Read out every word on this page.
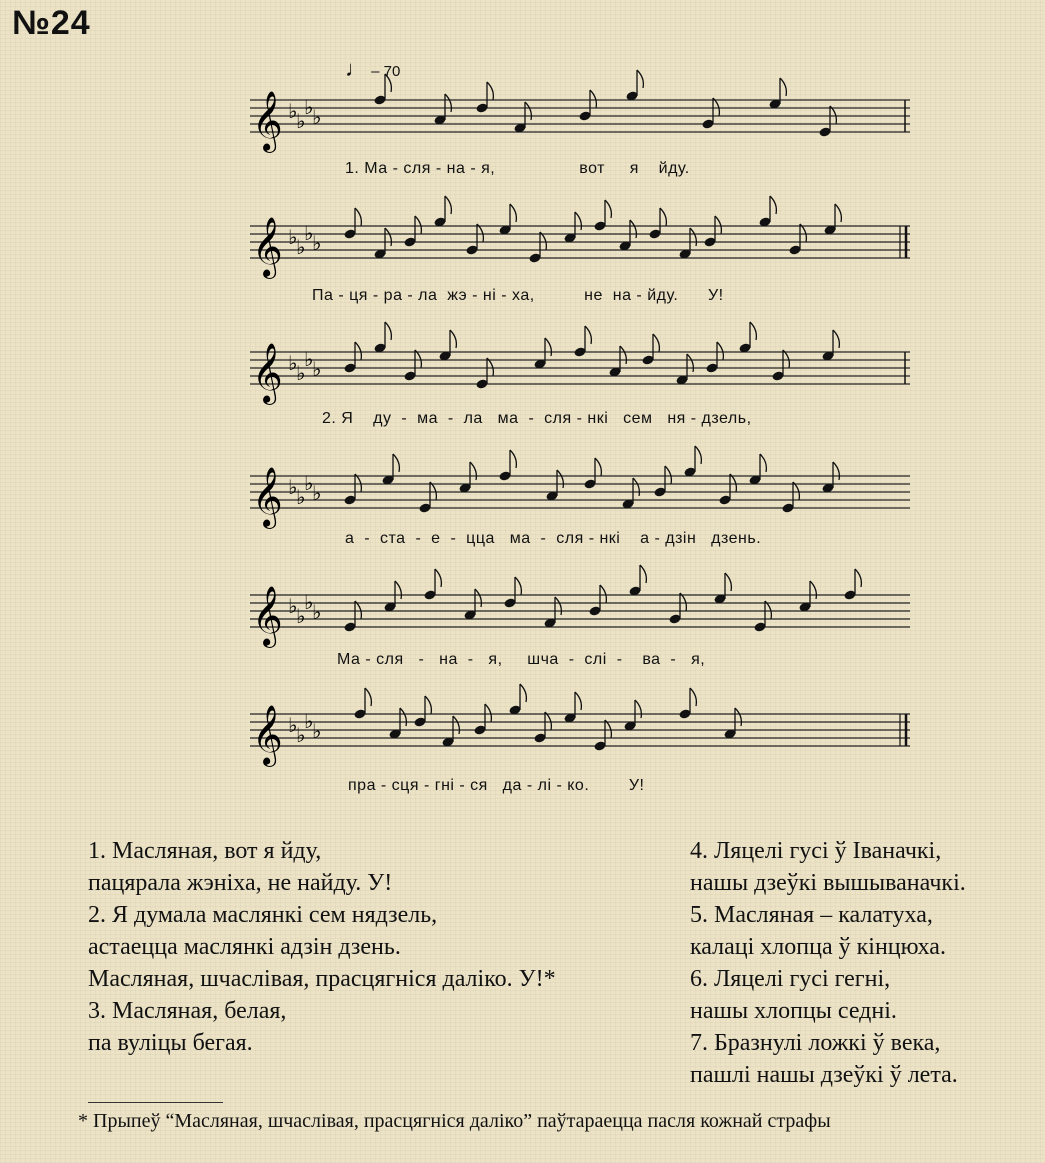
№24
♩ – 70
𝄞 ♭
♭
♭
♭
𝄞 ♭
♭
♭
♭
𝄞 ♭
♭
♭
♭
𝄞 ♭
♭
♭
♭
𝄞 ♭
♭
♭
♭
𝄞 ♭
♭
♭
♭
1. Ма - сля - на - я,                 вот     я    йду.
Па - ця - ра - ла  жэ - ні - ха,          не  на - йду.      У!
2. Я    ду  -  ма  -  ла   ма  -  сля - нкі   сем   ня - дзель,
а  -  ста  -  е  -  цца   ма  -  сля - нкі    а - дзін   дзень.
Ма - сля   -   на  -   я,     шча  -  слі  -    ва  -   я,
пра - сця - гні - ся   да - лі - ко.        У!
1. Масляная, вот я йду,
пацярала жэніха, не найду. У!
2. Я думала маслянкі сем нядзель,
астаецца маслянкі адзін дзень.
Масляная, шчаслівая, прасцягніся даліко. У!*
3. Масляная, белая,
па вуліцы бегая.
4. Ляцелі гусі ў Іваначкі,
нашы дзеўкі вышываначкі.
5. Масляная – калатуха,
калаці хлопца ў кінцюха.
6. Ляцелі гусі гегні,
нашы хлопцы седні.
7. Бразнулі ложкі ў века,
пашлі нашы дзеўкі ў лета.
* Прыпеў “Масляная, шчаслівая, прасцягніся даліко” паўтараецца пасля кожнай страфы
